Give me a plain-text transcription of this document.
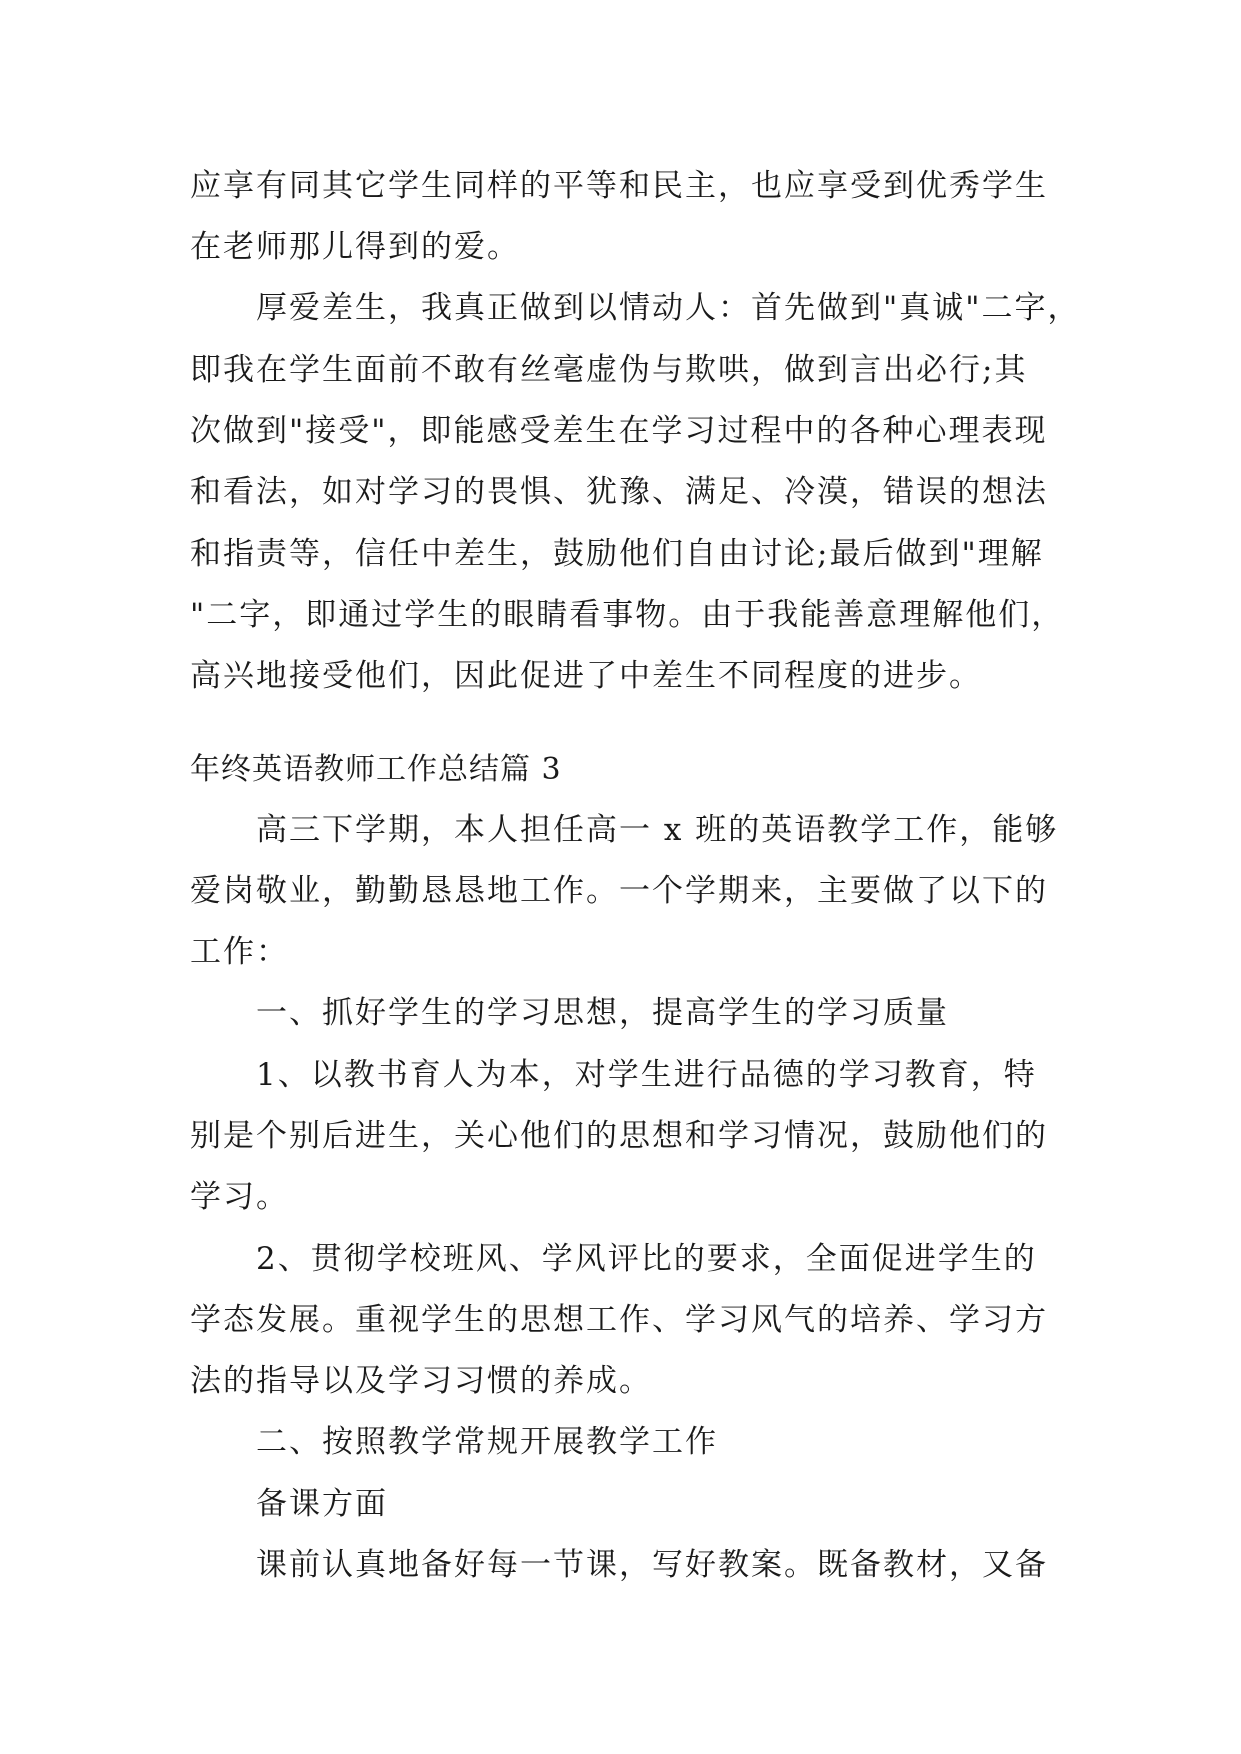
应享有同其它学生同样的平等和民主，也应享受到优秀学生
在老师那儿得到的爱。
厚爱差生，我真正做到以情动人：首先做到"真诚"二字，
即我在学生面前不敢有丝毫虚伪与欺哄，做到言出必行;其
次做到"接受"，即能感受差生在学习过程中的各种心理表现
和看法，如对学习的畏惧、犹豫、满足、冷漠，错误的想法
和指责等，信任中差生，鼓励他们自由讨论;最后做到"理解
"二字，即通过学生的眼睛看事物。由于我能善意理解他们，
高兴地接受他们，因此促进了中差生不同程度的进步。
年终英语教师工作总结篇 3
高三下学期，本人担任高一 x 班的英语教学工作，能够
爱岗敬业，勤勤恳恳地工作。一个学期来，主要做了以下的
工作：
一、抓好学生的学习思想，提高学生的学习质量
1、以教书育人为本，对学生进行品德的学习教育，特
别是个别后进生，关心他们的思想和学习情况，鼓励他们的
学习。
2、贯彻学校班风、学风评比的要求，全面促进学生的
学态发展。重视学生的思想工作、学习风气的培养、学习方
法的指导以及学习习惯的养成。
二、按照教学常规开展教学工作
备课方面
课前认真地备好每一节课，写好教案。既备教材，又备
